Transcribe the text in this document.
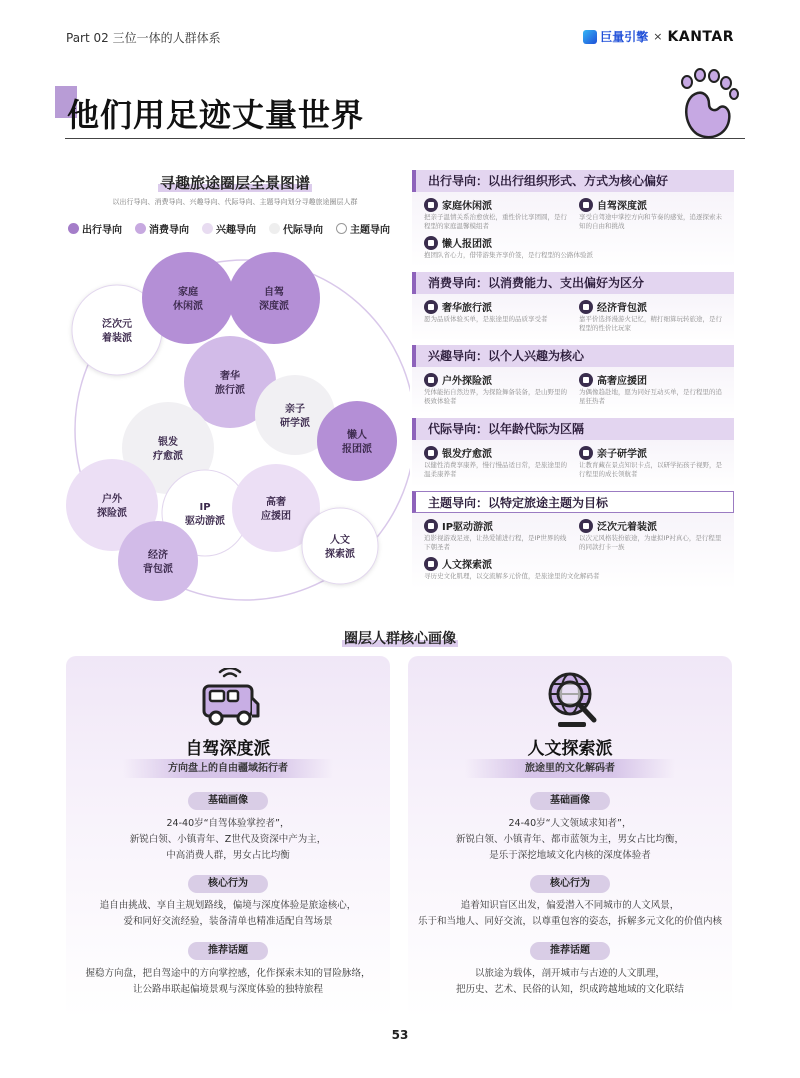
Part 02 三位一体的人群体系	巨量引擎 × KANTAR
他们用足迹丈量世界
寻趣旅途圈层全景图谱
以出行导向、消费导向、兴趣导向、代际导向、主题导向划分寻趣旅途圈层人群
出行导向	消费导向	兴趣导向	代际导向	主题导向
泛次元
着装派
家庭
休闲派
自驾
深度派
奢华
旅行派
银发
疗愈派
亲子
研学派
懒人
报团派
户外
探险派
IP
驱动游派
高奢
应援团
人文
探索派
经济
背包派
出行导向：以出行组织形式、方式为核心偏好
家庭休闲派
把亲子温情关系治愈放松，重性价比享团圆，是行程型的家庭温馨模组者
自驾深度派
享受自驾途中掌控方向和节奏的感觉，追逐探索未知的自由和挑战
懒人报团派
抱团队省心力，借带游集齐享价签，是行程型的公路体验派
消费导向：以消费能力、支出偏好为区分
奢华旅行派
愿为品质体验买单，是旅途里的品质享受者
经济背包派
靠平价选择漫游火记忆，精打细算玩转旅途，是行程型的性价比玩家
兴趣导向：以个人兴趣为核心
户外探险派
凭体能拓自然边界，为探险舞备装备，是山野里的极致体验者
高奢应援团
为偶像趋赴地，愿为同好互动买单，是行程里的追星狂热者
代际导向：以年龄代际为区隔
银发疗愈派
以健性消费享康养，慢行慢品适日常，是旅途里的温柔康养者
亲子研学派
让教育藏在景点知识卡点，以研学拓孩子视野，是行程里的成长领航者
主题导向：以特定旅途主题为目标
IP驱动游派
追影视游戏足迹，让热爱铺进行程，是IP世界的线下朝圣者
泛次元着装派
以次元风格装扮旅途，为虚拟IP衬真心，是行程里的同款打卡一族
人文探索派
寻历史文化肌理，以交流解多元价值，是旅途里的文化解码者
圈层人群核心画像
自驾深度派
方向盘上的自由疆域拓行者
基础画像
24-40岁“自驾体验掌控者”，
新锐白领、小镇青年、Z世代及资深中产为主，
中高消费人群，男女占比均衡
核心行为
追自由挑战、享自主规划路线，偏境与深度体验是旅途核心，
爱和同好交流经验，装备清单也精准适配自驾场景
推荐话题
握稳方向盘，把自驾途中的方向掌控感，化作探索未知的冒险脉络，
让公路串联起偏境景观与深度体验的独特旅程
人文探索派
旅途里的文化解码者
基础画像
24-40岁“人文领域求知者”，
新锐白领、小镇青年、都市蓝领为主，男女占比均衡，
是乐于深挖地域文化内核的深度体验者
核心行为
追着知识盲区出发，偏爱潜入不同城市的人文风景，
乐于和当地人、同好交流，以尊重包容的姿态，拆解多元文化的价值内核
推荐话题
以旅途为载体，剖开城市与古迹的人文肌理，
把历史、艺术、民俗的认知，织成跨越地域的文化联结
53
